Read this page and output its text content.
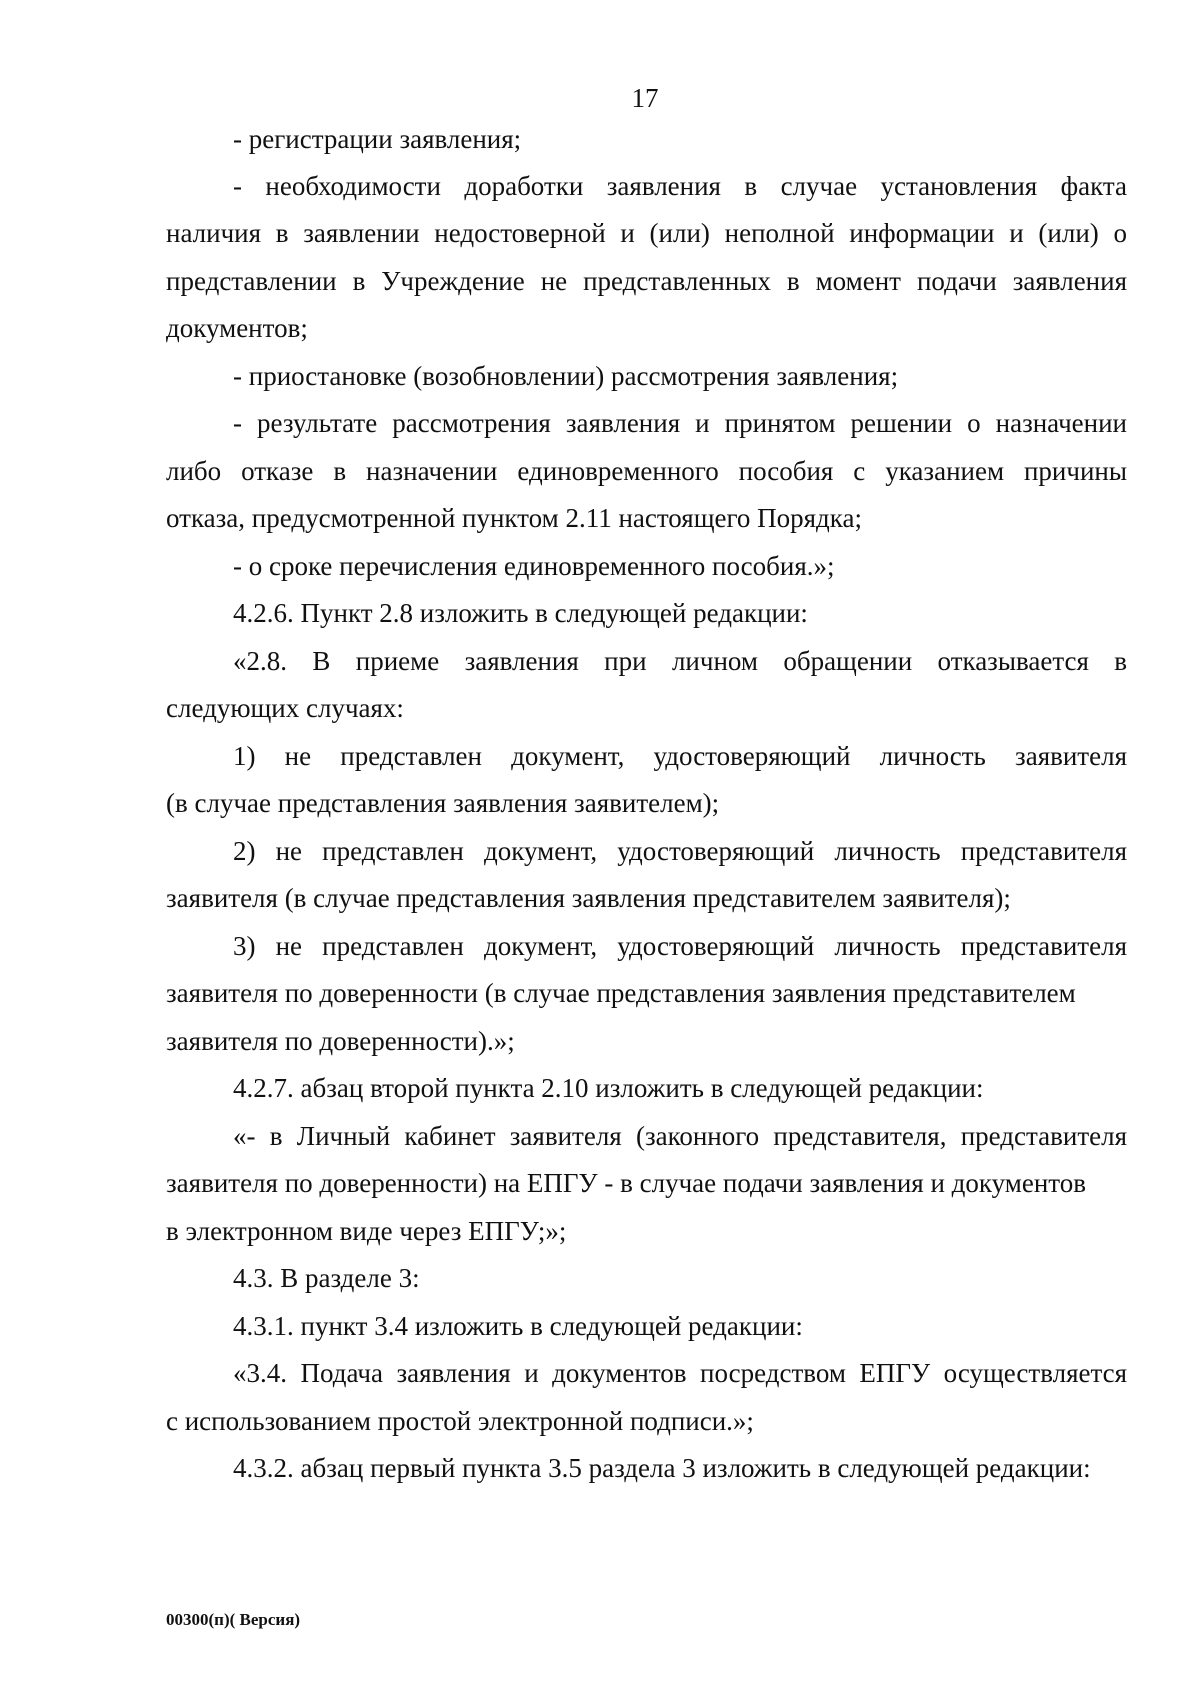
17
- регистрации заявления;
- необходимости доработки заявления в случае установления факта
наличия в заявлении недостоверной и (или) неполной информации и (или) о
представлении в Учреждение не представленных в момент подачи заявления
документов;
- приостановке (возобновлении) рассмотрения заявления;
- результате рассмотрения заявления и принятом решении о назначении
либо отказе в назначении единовременного пособия с указанием причины
отказа, предусмотренной пунктом 2.11 настоящего Порядка;
- о сроке перечисления единовременного пособия.»;
4.2.6. Пункт 2.8 изложить в следующей редакции:
«2.8. В приеме заявления при личном обращении отказывается в
следующих случаях:
1) не представлен документ, удостоверяющий личность заявителя
(в случае представления заявления заявителем);
2) не представлен документ, удостоверяющий личность представителя
заявителя (в случае представления заявления представителем заявителя);
3) не представлен документ, удостоверяющий личность представителя
заявителя по доверенности (в случае представления заявления представителем
заявителя по доверенности).»;
4.2.7. абзац второй пункта 2.10 изложить в следующей редакции:
«- в Личный кабинет заявителя (законного представителя, представителя
заявителя по доверенности) на ЕПГУ - в случае подачи заявления и документов
в электронном виде через ЕПГУ;»;
4.3. В разделе 3:
4.3.1. пункт 3.4 изложить в следующей редакции:
«3.4. Подача заявления и документов посредством ЕПГУ осуществляется
с использованием простой электронной подписи.»;
4.3.2. абзац первый пункта 3.5 раздела 3 изложить в следующей редакции:
00300(п)( Версия)
